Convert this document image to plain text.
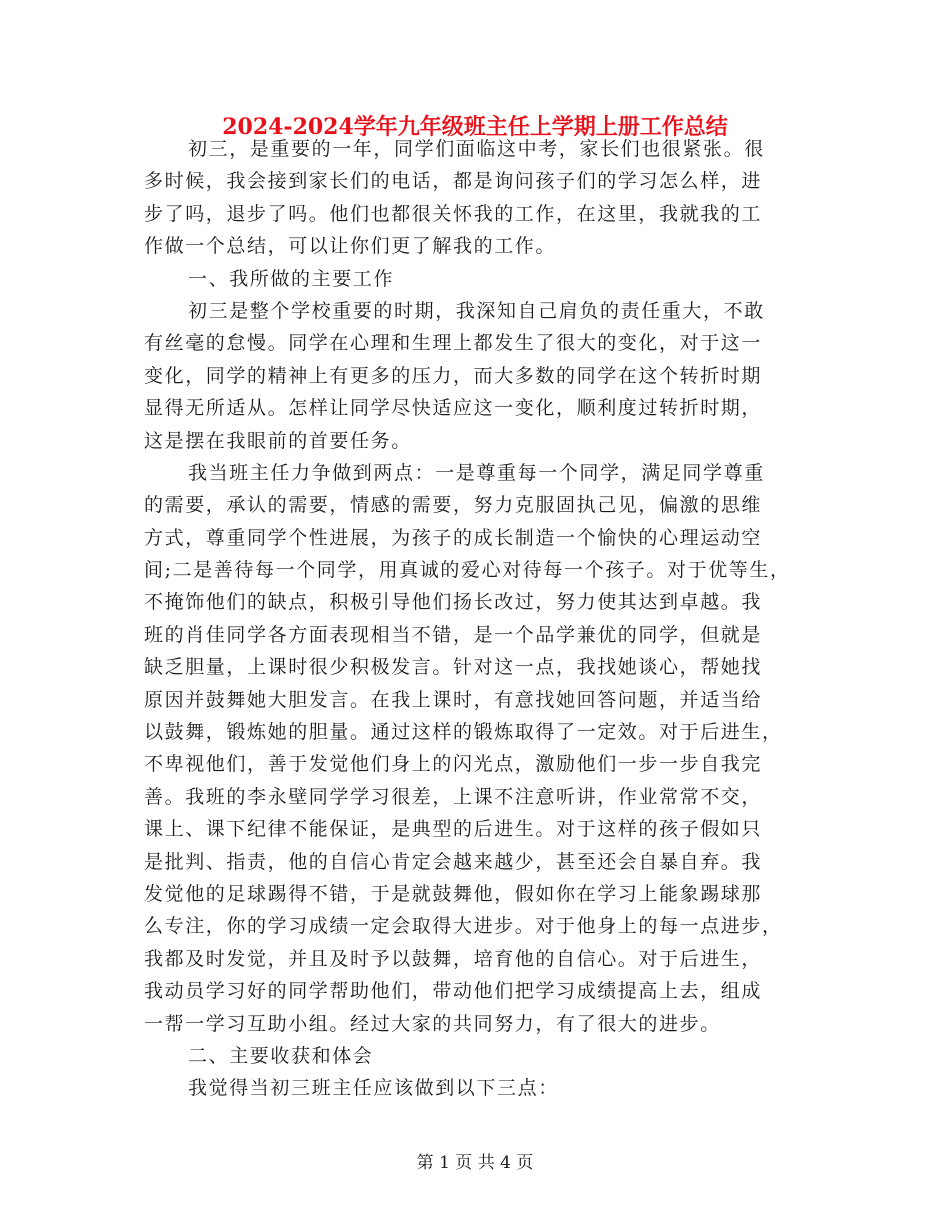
2024-2024学年九年级班主任上学期上册工作总结
初三，是重要的一年，同学们面临这中考，家长们也很紧张。很
多时候，我会接到家长们的电话，都是询问孩子们的学习怎么样，进
步了吗，退步了吗。他们也都很关怀我的工作，在这里，我就我的工
作做一个总结，可以让你们更了解我的工作。
一、我所做的主要工作
初三是整个学校重要的时期，我深知自己肩负的责任重大，不敢
有丝毫的怠慢。同学在心理和生理上都发生了很大的变化，对于这一
变化，同学的精神上有更多的压力，而大多数的同学在这个转折时期
显得无所适从。怎样让同学尽快适应这一变化，顺利度过转折时期，
这是摆在我眼前的首要任务。
我当班主任力争做到两点：一是尊重每一个同学，满足同学尊重
的需要，承认的需要，情感的需要，努力克服固执己见，偏激的思维
方式，尊重同学个性进展，为孩子的成长制造一个愉快的心理运动空
间;二是善待每一个同学，用真诚的爱心对待每一个孩子。对于优等生，
不掩饰他们的缺点，积极引导他们扬长改过，努力使其达到卓越。我
班的肖佳同学各方面表现相当不错，是一个品学兼优的同学，但就是
缺乏胆量，上课时很少积极发言。针对这一点，我找她谈心，帮她找
原因并鼓舞她大胆发言。在我上课时，有意找她回答问题，并适当给
以鼓舞，锻炼她的胆量。通过这样的锻炼取得了一定效。对于后进生，
不卑视他们，善于发觉他们身上的闪光点，激励他们一步一步自我完
善。我班的李永壁同学学习很差，上课不注意听讲，作业常常不交，
课上、课下纪律不能保证，是典型的后进生。对于这样的孩子假如只
是批判、指责，他的自信心肯定会越来越少，甚至还会自暴自弃。我
发觉他的足球踢得不错，于是就鼓舞他，假如你在学习上能象踢球那
么专注，你的学习成绩一定会取得大进步。对于他身上的每一点进步，
我都及时发觉，并且及时予以鼓舞，培育他的自信心。对于后进生，
我动员学习好的同学帮助他们，带动他们把学习成绩提高上去，组成
一帮一学习互助小组。经过大家的共同努力，有了很大的进步。
二、主要收获和体会
我觉得当初三班主任应该做到以下三点：
第 1 页 共 4 页
